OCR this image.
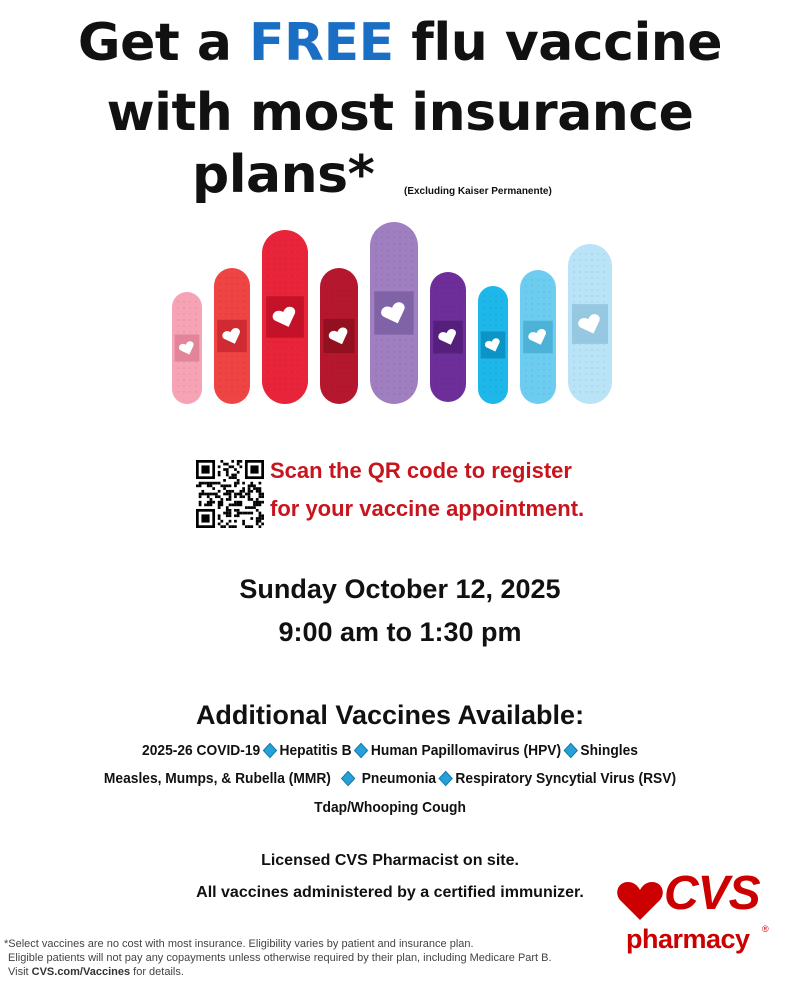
Get a FREE flu vaccine
with most insurance
plans*	(Excluding Kaiser Permanente)
Scan the QR code to register
for your vaccine appointment.
Sunday October 12, 2025
9:00 am to 1:30 pm
Additional Vaccines Available:
2025-26 COVID-19 Hepatitis B Human Papillomavirus (HPV) Shingles
Measles, Mumps, & Rubella (MMR) Pneumonia Respiratory Syncytial Virus (RSV)
Tdap/Whooping Cough
Licensed CVS Pharmacist on site.
All vaccines administered by a certified immunizer.	CVS
pharmacy ®
*Select vaccines are no cost with most insurance. Eligibility varies by patient and insurance plan.
Eligible patients will not pay any copayments unless otherwise required by their plan, including Medicare Part B.
Visit CVS.com/Vaccines for details.
